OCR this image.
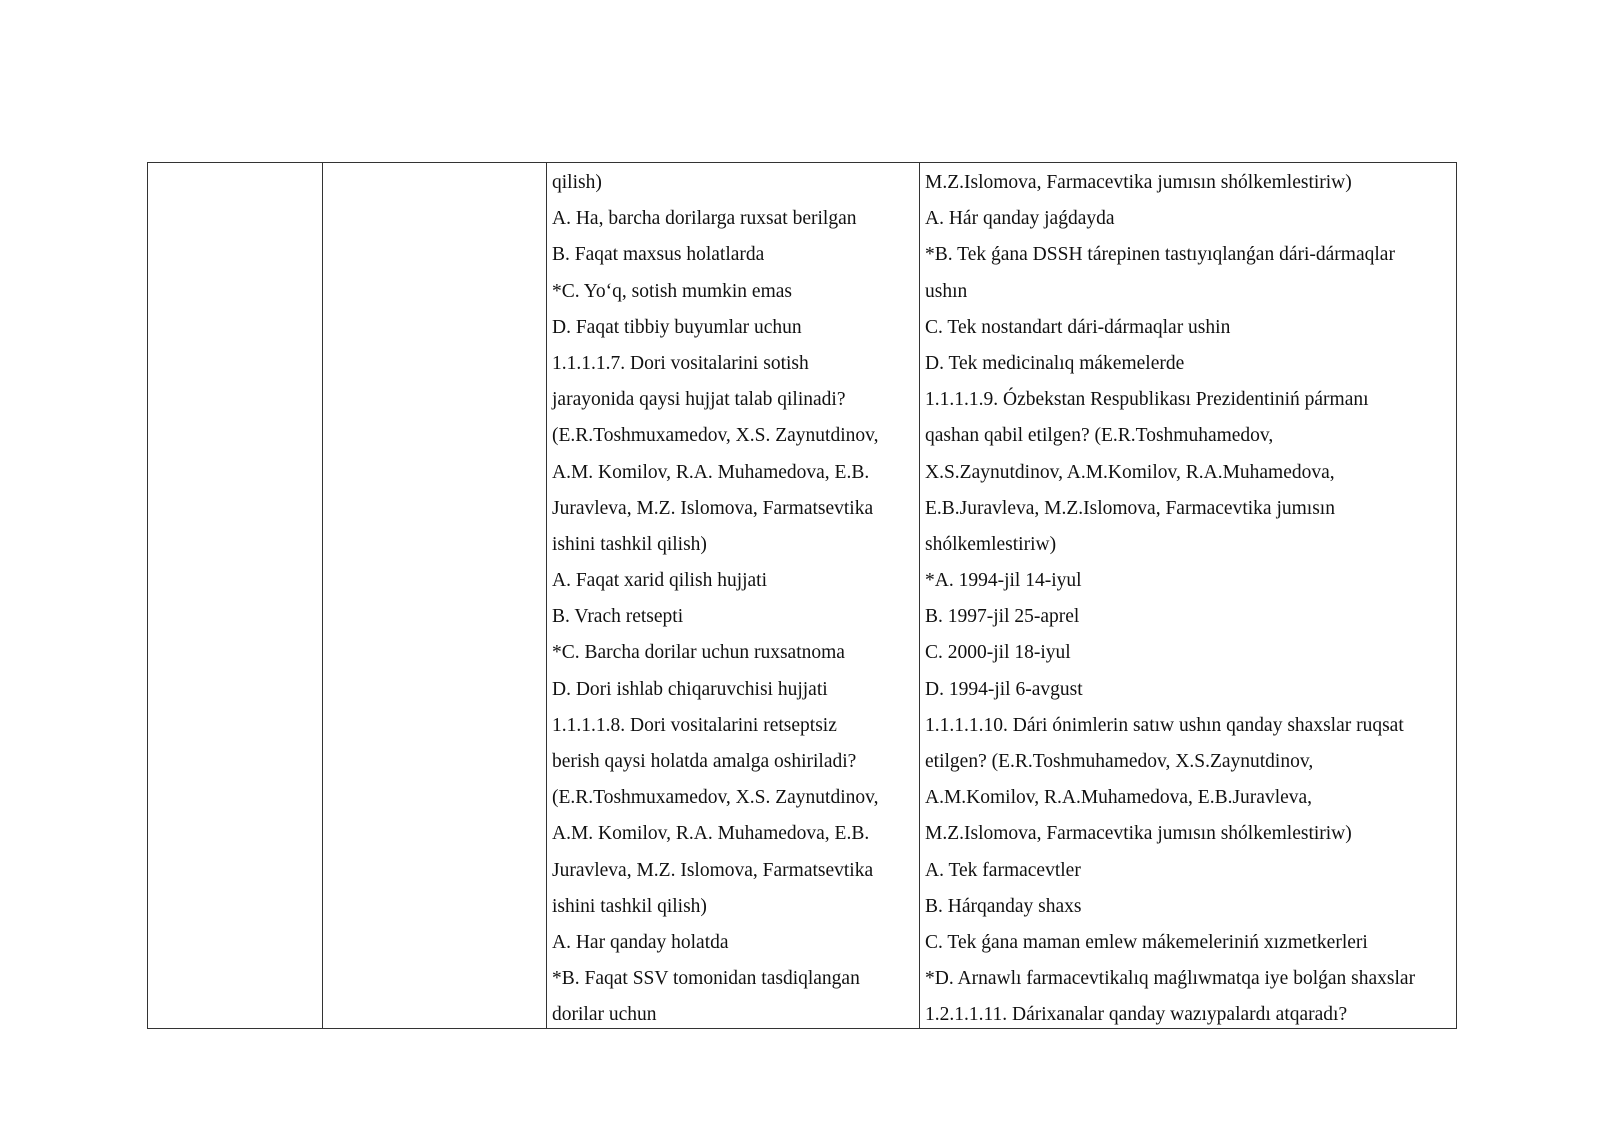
qilish)
A. Ha, barcha dorilarga ruxsat berilgan
B. Faqat maxsus holatlarda
*C. Yo‘q, sotish mumkin emas
D. Faqat tibbiy buyumlar uchun
1.1.1.1.7. Dori vositalarini sotish
jarayonida qaysi hujjat talab qilinadi?
(E.R.Toshmuxamedov, X.S. Zaynutdinov,
A.M. Komilov, R.A. Muhamedova, E.B.
Juravleva, M.Z. Islomova, Farmatsevtika
ishini tashkil qilish)
A. Faqat xarid qilish hujjati
B. Vrach retsepti
*C. Barcha dorilar uchun ruxsatnoma
D. Dori ishlab chiqaruvchisi hujjati
1.1.1.1.8. Dori vositalarini retseptsiz
berish qaysi holatda amalga oshiriladi?
(E.R.Toshmuxamedov, X.S. Zaynutdinov,
A.M. Komilov, R.A. Muhamedova, E.B.
Juravleva, M.Z. Islomova, Farmatsevtika
ishini tashkil qilish)
A. Har qanday holatda
*B. Faqat SSV tomonidan tasdiqlangan
dorilar uchun
M.Z.Islomova, Farmacevtika jumısın shólkemlestiriw)
A. Hár qanday jaǵdayda
*B. Tek ǵana DSSH tárepinen tastıyıqlanǵan dári-dármaqlar
ushın
C. Tek nostandart dári-dármaqlar ushin
D. Tek medicinalıq mákemelerde
1.1.1.1.9. Ózbekstan Respublikası Prezidentiniń pármanı
qashan qabil etilgen? (E.R.Toshmuhamedov,
X.S.Zaynutdinov, A.M.Komilov, R.A.Muhamedova,
E.B.Juravleva, M.Z.Islomova, Farmacevtika jumısın
shólkemlestiriw)
*A. 1994-jil 14-iyul
B. 1997-jil 25-aprel
C. 2000-jil 18-iyul
D. 1994-jil 6-avgust
1.1.1.1.10. Dári ónimlerin satıw ushın qanday shaxslar ruqsat
etilgen? (E.R.Toshmuhamedov, X.S.Zaynutdinov,
A.M.Komilov, R.A.Muhamedova, E.B.Juravleva,
M.Z.Islomova, Farmacevtika jumısın shólkemlestiriw)
A. Tek farmacevtler
B. Hárqanday shaxs
C. Tek ǵana maman emlew mákemeleriniń xızmetkerleri
*D. Arnawlı farmacevtikalıq maǵlıwmatqa iye bolǵan shaxslar
1.2.1.1.11. Dárixanalar qanday wazıypalardı atqaradı?
